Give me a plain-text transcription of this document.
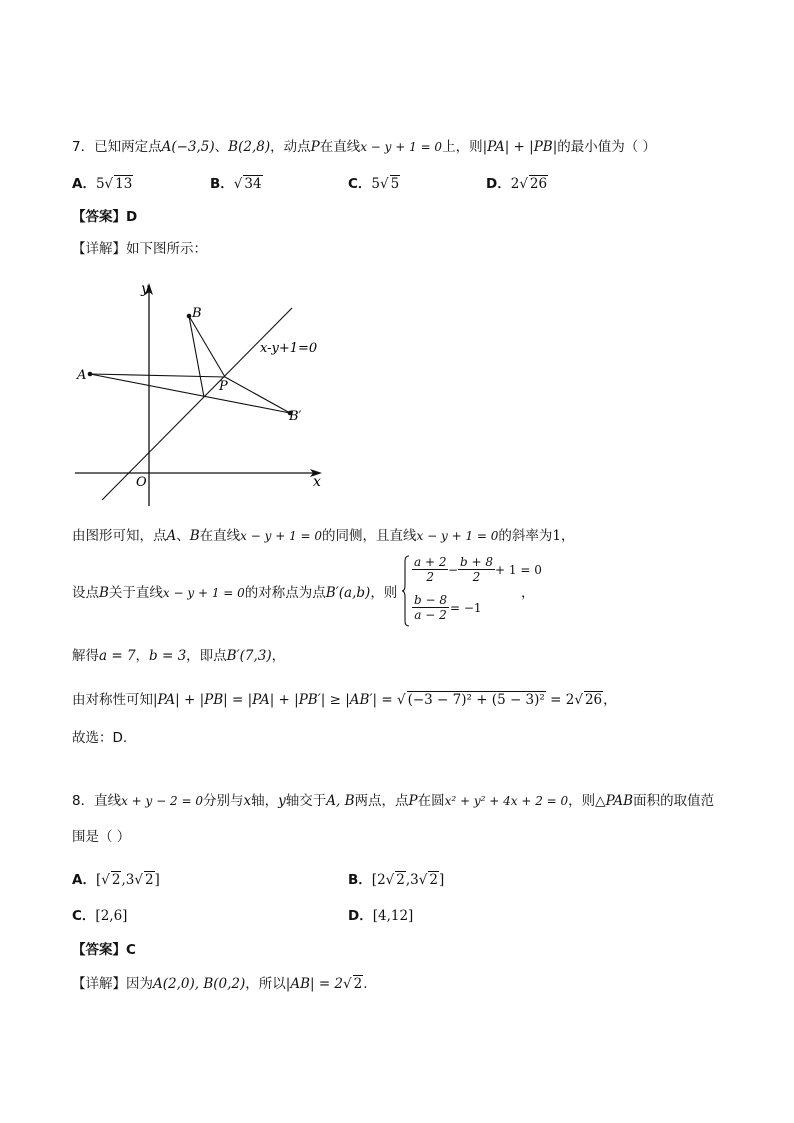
7．已知两定点A(−3,5)、B(2,8)，动点P在直线x − y + 1 = 0上，则|PA| + |PB|的最小值为（ ）
A．5√ 13	B．√ 34	C．5√ 5	D．2√ 26
【答案】D
【详解】如下图所示：
y
x
O
A
B
P
B′
x-y+1=0
由图形可知，点A、B在直线x − y + 1 = 0的同侧，且直线x − y + 1 = 0的斜率为1，
设点B关于直线x − y + 1 = 0的对称点为点B′(a,b)，则
$\frac{a + 2}{2} - \frac{b + 8}{2} + 1 = 0$
$\frac{b - 8}{a - 2} = -1$
，
解得a = 7，b = 3，即点B′(7,3)，
由对称性可知|PA| + |PB| = |PA| + |PB′| ≥ |AB′| = √ (−3 − 7)² + (5 − 3)² = 2√ 26，
故选：D.
8．直线x + y − 2 = 0分别与x轴，y轴交于A, B两点，点P在圆x² + y² + 4x + 2 = 0，则△PAB面积的取值范
围是（ ）
A．[√ 2,3√ 2]	B．[2√ 2,3√ 2]
C．[2,6]	D．[4,12]
【答案】C
【详解】因为A(2,0), B(0,2)，所以|AB| = 2√ 2.
